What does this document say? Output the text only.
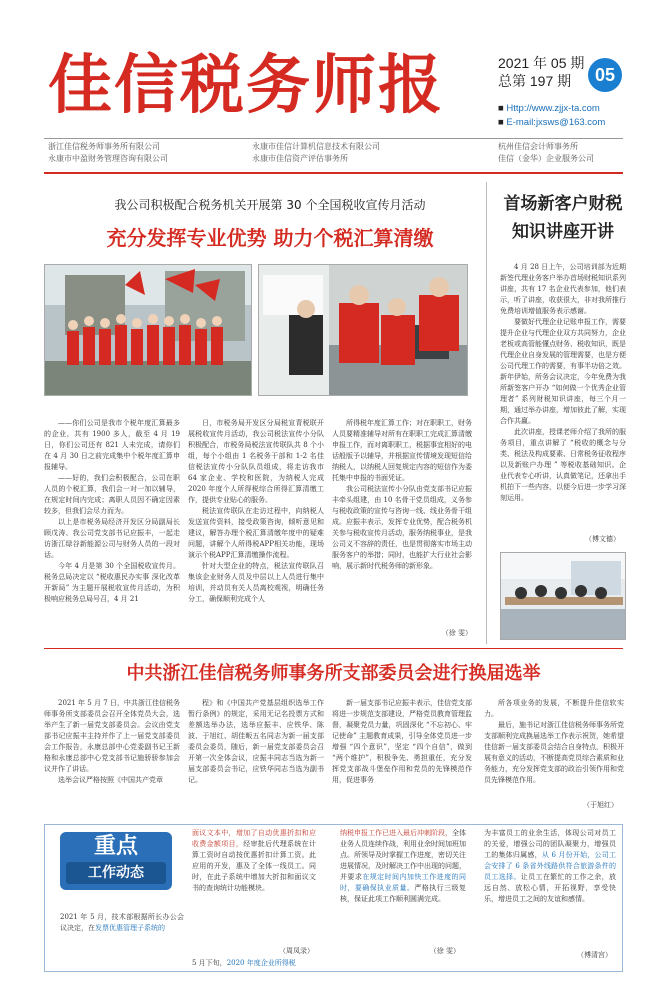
佳信税务师报	2021 年 05 期
总第 197 期	05
■ Http://www.zjjx-ta.com
■ E-mail:jxsws@163.com
浙江佳信税务师事务所有限公司
永康市中盈财务管理咨询有限公司
永康市佳信计算机信息技术有限公司
永康市佳信资产评估事务所
杭州佳信会计师事务所
佳信（金华）企业服务公司
我公司积极配合税务机关开展第 30 个全国税收宣传月活动
充分发挥专业优势 助力个税汇算清缴

——你们公司是我市个税年度汇算最多的企业，共有 1900 多人，截至 4 月 19 日，你们公司还有 821 人未完成，请你们在 4 月 30 日之前完成集中个税年度汇算申报辅导。

——好的，我们会积极配合，公司在职人员的个税汇算，我们会一对一加以辅导，在规定时间内完成；离职人员因不确定因素较多，但我们会尽力而为。

以上是市税务局经济开发区分局副局长顾戊涛、我公司党支部书记应振丰，一起走访浙江绿谷新能源公司与财务人员的一段对话。

今年 4 月是第 30 个全国税收宣传月。税务总局决定以 “税收惠民办实事 深化改革开新局” 为主题开展税收宣传月活动，为积极响应税务总局号召，4 月 21

日，市税务局开发区分局税宣青税联开展税收宣传月活动，我公司税法宣传小分队积极配合，市税务局税法宣传联队共 8 个小组，每个小组由 1 名税务干部和 1-2 名佳信税法宣传小分队队员组成，将走访我市 64 家企业、学校和医院，为纳税人完成 2020 年度个人所得税综合所得汇算清缴工作，提供专业贴心的服务。

税法宣传联队在走访过程中，向纳税人发送宣传资料，接受政策咨询，倾听意见和建议，解答办理个税汇算清缴年度中的疑难问题，讲解个人所得税APP相关功能，现场演示个税APP汇算清缴操作流程。

针对大型企业的特点，税法宣传联队召集该企业财务人员及中层以上人员进行集中培训，并动员有关人员离校观视，明确任务分工，确保顺利完成个人

所得税年度汇算工作；对在职职工，财务人员要精准辅导对所有在职职工完成汇算清缴申报工作，而对离职职工，税据事宜相好的电话般版予以辅导，并根据宣传情境发现短信给纳税人，以纳税人回复规定内容的短信作为委托集中申报的书面凭证。

我公司税法宣传小分队由党支部书记应振丰牵头组建，由 10 名骨干党员组成，义务参与税收政策的宣传与咨询一线、线业务骨干组成。应振丰表示，发挥专业优势，配合税务机关参与税收宣传月活动，服务纳税事业，是我公司义不容辞的责任，也是贯彻落实市场主动服务客户的举措；同时，也能扩大行业社会影响，展示新时代税务师的新形象。

（徐 雯）
首场新客户财税
知识讲座开讲

4 月 28 日上午，公司培训部为近期新签代理业务客户举办首场财税知识系列讲座，共有 17 名企业代表参加，他们表示，听了讲座，收获很大，非对我所推行免费培训增值服务表示感谢。

要做好代理企业记账申报工作，需要提升企业与代理企业双方共同努力，企业老板或高管能懂点财务、税收知识，既是代理企业自身发展的管理需要，也是方便公司代理工作的需要，有事半功倍之效。新年伊始，所务会议决定，今年免费为我所新签客户开办 “如何做一个优秀企业管理者” 系列财税知识讲座，每三个月一期，通过举办讲座，增加彼此了解，实现合作共赢。

此次讲座，授课老师介绍了我所的服务项目，重点讲解了 “税收的概念与分类、税法及构成要素、日常税务征收程序以及新账户办理 ” 等税收基础知识。企业代表专心听讲，认真做笔记，还拿出手机拍下一些内容，以便今后进一步学习深刻运用。

（傅文德）
中共浙江佳信税务师事务所支部委员会进行换届选举

2021 年 5 月 7 日，中共浙江佳信税务师事务所支部委员会召开全体党员大会，选举产生了新一届党支部委员会。会议由党支部书记应振丰主持并作了上一届党支部委员会工作报告，永康总部中心党委副书记王新格和永康总部中心党支部书记施骄骄参加会议并作了讲话。

选举会议严格按照《中国共产党章

程》和《中国共产党基层组织选举工作暂行条例》的规定，采用无记名投票方式和差额选举办法，选举应振丰、应铁华、陈波、于旭红、胡佳畈五名同志为新一届支部委员会委员，随后，新一届党支部委员会召开第一次全体会议，应振丰同志当选为新一届支部委员会书记，应铁华同志当选为副书记。

新一届支部书记应振丰表示，佳信党支部将进一步规范支部建设，严格党员教育管理监督，凝聚党员力量，巩固深化 “不忘初心、牢记使命” 主题教育成果，引导全体党员进一步增强 “四个意识”，坚定 “四个自信”，做到 “两个维护”，积极争先、勇担重任，充分发挥党支部战斗堡垒作用和党员的先锋模范作用，促进事务

所各项业务的发展，不断提升佳信软实力。

最后，施书记对浙江佳信税务师事务所党支部顺利完成换届选举工作表示祝贺，她希望佳信新一届支部委员会结合自身特点，积极开展有意义的活动，不断提高党员综合素质和业务能力，充分发挥党支部的政治引领作用和党员先锋模范作用。

（于旭红）
重点
工作动态
2021 年 5 月，技术部根据所长办公会议决定，在发票优惠管理子系统的
面议文本中，增加了自动优惠折扣和应收费金额项目，经审批后代理系统在计算工资时自动按优惠折扣计算工资。此应用的开发，惠及了全体一线员工。同时，在此子系统中增加大折扣和面议文书的查询统计功能模块。
（周凤录）
5 月下旬，2020 年度企业所得税
纳税申报工作已进入最后冲刺阶段，全体业务人员连续作战，利用业余时间加班加点。所领导及时掌握工作进度，密切关注进展情况，及时解决工作中出现的问题，并要求在规定时间内加快工作进度的同时，要确保执业质量。严格执行三级复核，保证此项工作顺利圆满完成。
（徐 雯）
为丰富员工的业余生活，体现公司对员工的关爱，增强公司的团队凝聚力，增强员工的集体归属感，从 6 月份开始，公司工会安排了 6 条省外线路供符合旅游条件的员工选择。让员工在繁忙的工作之余，放远自然、放松心情，开拓视野，享受快乐，增进员工之间的友谊和感情。
（傅清宫）
